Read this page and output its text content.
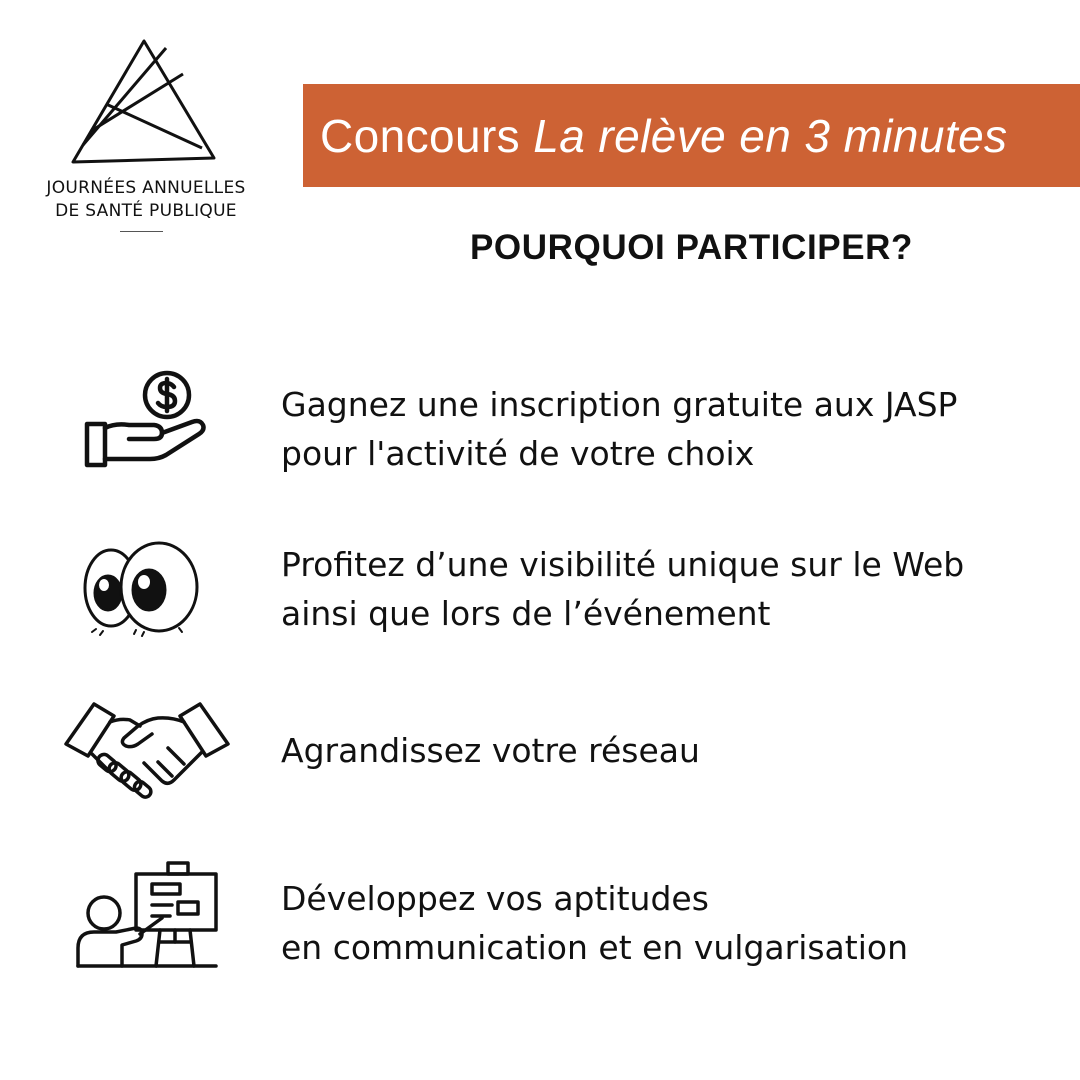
JOURNÉES ANNUELLES
DE SANTÉ PUBLIQUE
Concours La relève en 3 minutes
POURQUOI PARTICIPER?
Gagnez une inscription gratuite aux JASP
pour l'activité de votre choix
Profitez d’une visibilité unique sur le Web
ainsi que lors de l’événement
Agrandissez votre réseau
Développez vos aptitudes
en communication et en vulgarisation
